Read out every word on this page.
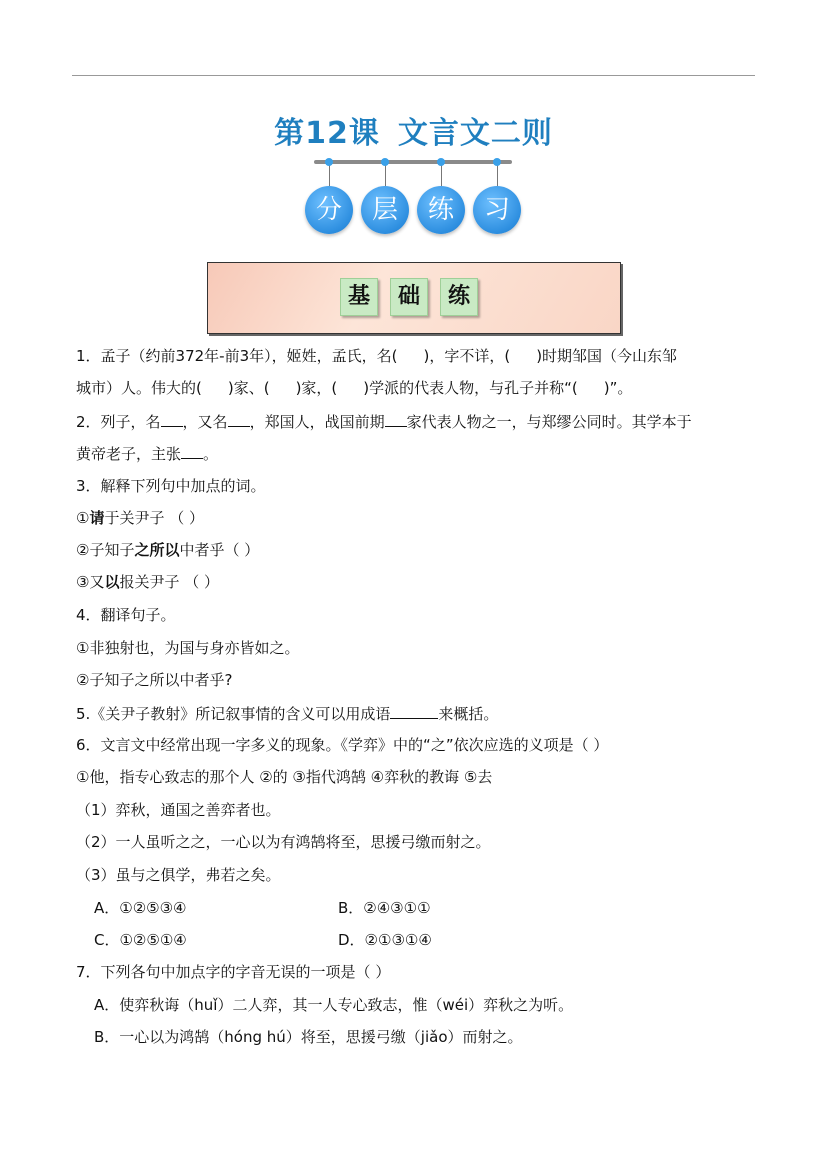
第12课 文言文二则
分	层	练	习
基	础	练
1．孟子（约前372年-前3年），姬姓，孟氏，名( )，字不详，( )时期邹国（今山东邹
城市）人。伟大的( )家、( )家，( )学派的代表人物，与孔子并称“( )”。
2．列子，名 ，又名 ，郑国人，战国前期 家代表人物之一，与郑缪公同时。其学本于
黄帝老子，主张 。
3．解释下列句中加点的词。
①请于关尹子 （ ）
②子知子之所以中者乎（ ）
③又以报关尹子 （ ）
4．翻译句子。
①非独射也，为国与身亦皆如之。
②子知子之所以中者乎?
5.《关尹子教射》所记叙事情的含义可以用成语	来概括。
6．文言文中经常出现一字多义的现象。《学弈》中的“之”依次应选的义项是（ ）
①他，指专心致志的那个人 ②的 ③指代鸿鹄 ④弈秋的教诲 ⑤去
（1）弈秋，通国之善弈者也。
（2）一人虽听之之，一心以为有鸿鹄将至，思援弓缴而射之。
（3）虽与之俱学，弗若之矣。
A．①②⑤③④	B．②④③①①
C．①②⑤①④	D．②①③①④
7．下列各句中加点字的字音无误的一项是（ ）
A．使弈秋诲（huǐ）二人弈，其一人专心致志，惟（wéi）弈秋之为听。
B．一心以为鸿鹄（hóng hú）将至，思援弓缴（jiǎo）而射之。
